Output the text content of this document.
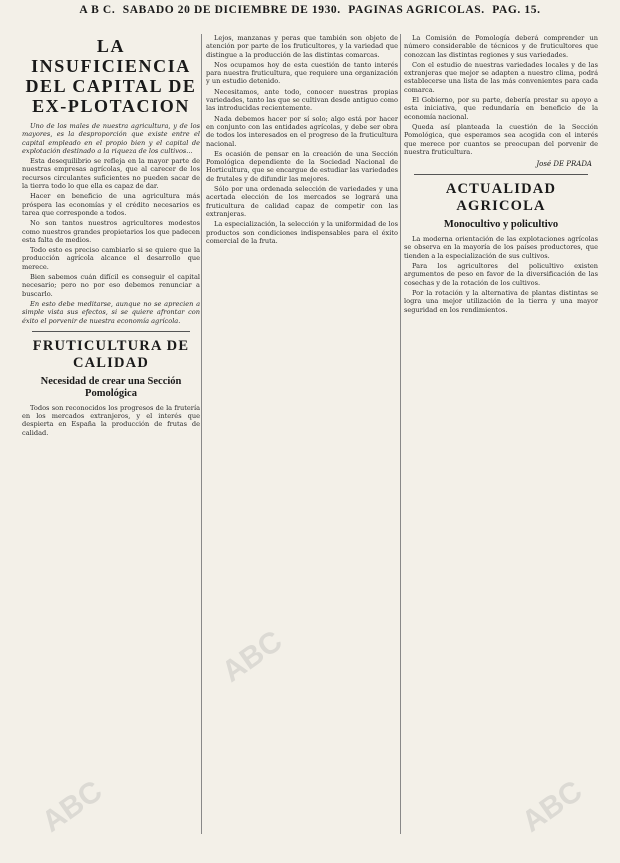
A B C. SABADO 20 DE DICIEMBRE DE 1930. PAGINAS AGRICOLAS. PAG. 15.
LA INSUFICIENCIA DEL CAPITAL DE EX-PLOTACION

Uno de los males de nuestra agricultura, y de los mayores, es la desproporción que existe entre el capital empleado en el propio bien y el capital de explotación destinado a la riqueza de los cultivos...

Esta desequilibrio se refleja en la mayor parte de nuestras empresas agrícolas, que al carecer de los recursos circulantes suficientes no pueden sacar de la tierra todo lo que ella es capaz de dar.

Hacer en beneficio de una agricultura más próspera las economías y el crédito necesarios es tarea que corresponde a todos.

No son tantos nuestros agricultores modestos como nuestros grandes propietarios los que padecen esta falta de medios.

Todo esto es preciso cambiarlo si se quiere que la producción agrícola alcance el desarrollo que merece.

Bien sabemos cuán difícil es conseguir el capital necesario; pero no por eso debemos renunciar a buscarlo.

En esto debe meditarse, aunque no se aprecien a simple vista sus efectos, si se quiere afrontar con éxito el porvenir de nuestra economía agrícola.

FRUTICULTURA DE CALIDAD
Necesidad de crear una Sección Pomológica

Todos son reconocidos los progresos de la frutería en los mercados extranjeros, y el interés que despierta en España la producción de frutas de calidad.

Lejos, manzanas y peras que también son objeto de atención por parte de los fruticultores, y la variedad que distingue a la producción de las distintas comarcas.

Nos ocupamos hoy de esta cuestión de tanto interés para nuestra fruticultura, que requiere una organización y un estudio detenido.

Necesitamos, ante todo, conocer nuestras propias variedades, tanto las que se cultivan desde antiguo como las introducidas recientemente.

Nada debemos hacer por sí solo; algo está por hacer en conjunto con las entidades agrícolas, y debe ser obra de todos los interesados en el progreso de la fruticultura nacional.

Es ocasión de pensar en la creación de una Sección Pomológica dependiente de la Sociedad Nacional de Horticultura, que se encargue de estudiar las variedades de frutales y de difundir las mejores.

Sólo por una ordenada selección de variedades y una acertada elección de los mercados se logrará una fruticultura de calidad capaz de competir con las extranjeras.

La especialización, la selección y la uniformidad de los productos son condiciones indispensables para el éxito comercial de la fruta.

La Comisión de Pomología deberá comprender un número considerable de técnicos y de fruticultores que conozcan las distintas regiones y sus variedades.

Con el estudio de nuestras variedades locales y de las extranjeras que mejor se adapten a nuestro clima, podrá establecerse una lista de las más convenientes para cada comarca.

El Gobierno, por su parte, debería prestar su apoyo a esta iniciativa, que redundaría en beneficio de la economía nacional.

Queda así planteada la cuestión de la Sección Pomológica, que esperamos sea acogida con el interés que merece por cuantos se preocupan del porvenir de nuestra fruticultura.

José DE PRADA
ACTUALIDAD AGRICOLA
Monocultivo y policultivo

La moderna orientación de las explotaciones agrícolas se observa en la mayoría de los países productores, que tienden a la especialización de sus cultivos.

Para los agricultores del policultivo existen argumentos de peso en favor de la diversificación de las cosechas y de la rotación de los cultivos.

Por la rotación y la alternativa de plantas distintas se logra una mejor utilización de la tierra y una mayor seguridad en los rendimientos.

ABC
ABC	ABC
